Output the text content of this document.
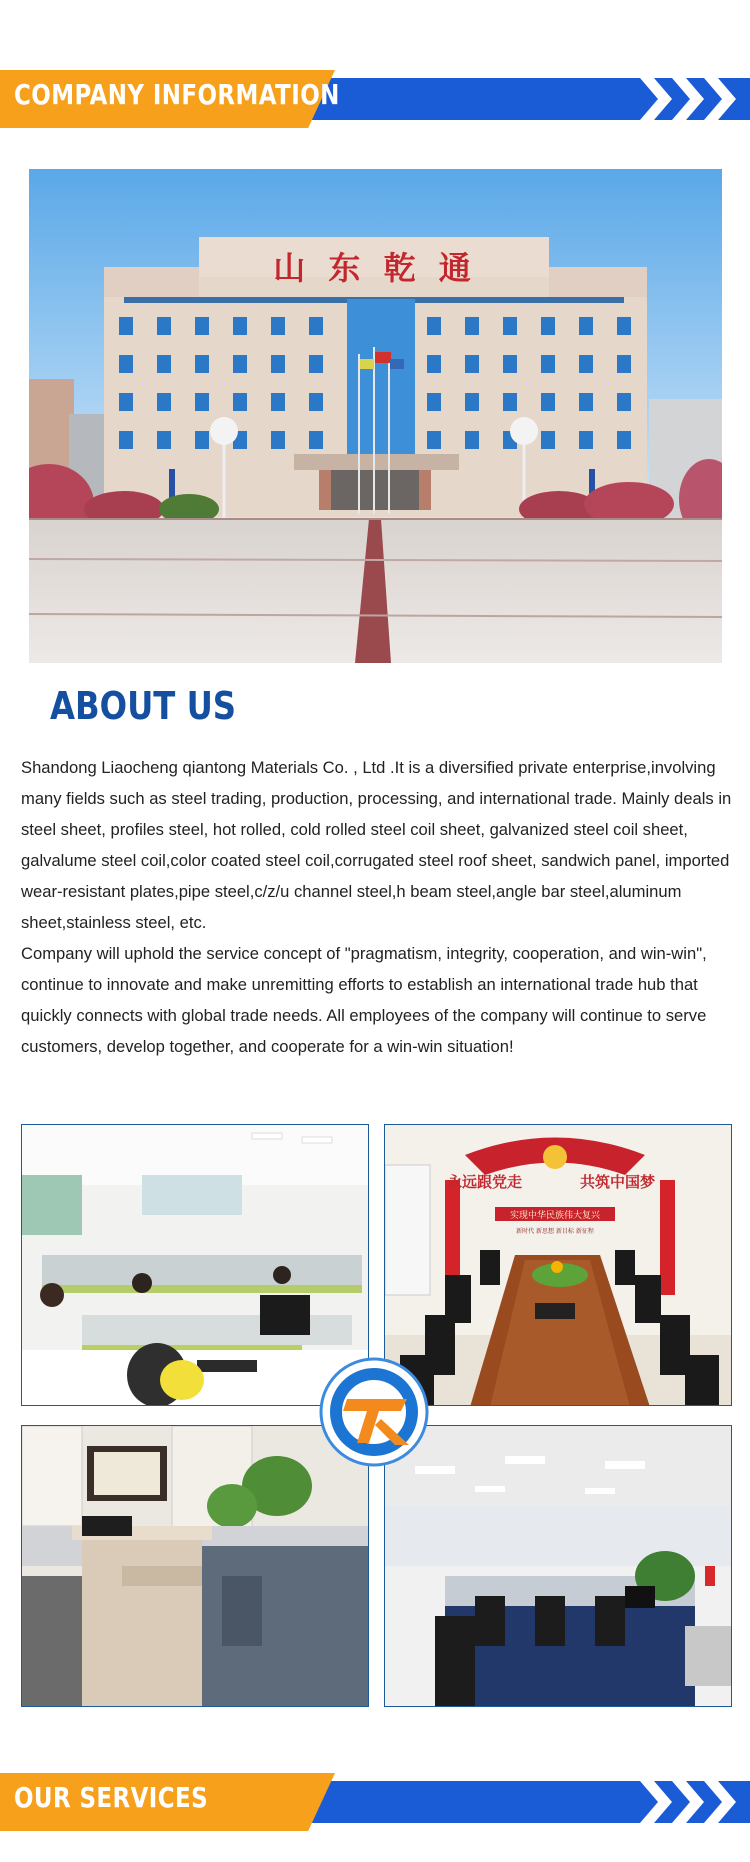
COMPANY INFORMATION
山 东 乾 通
ABOUT US

Shandong Liaocheng qiantong Materials Co. , Ltd .It is a diversified private enterprise,involving many fields such as steel trading, production, processing, and international trade. Mainly deals in steel sheet, profiles steel, hot rolled, cold rolled steel coil sheet, galvanized steel coil sheet, galvalume steel coil,color coated steel coil,corrugated steel roof sheet, sandwich panel, imported wear-resistant plates,pipe steel,c/z/u channel steel,h beam steel,angle bar steel,aluminum sheet,stainless steel, etc.

Company will uphold the service concept of "pragmatism, integrity, cooperation, and win-win", continue to innovate and make unremitting efforts to establish an international trade hub that quickly connects with global trade needs. All employees of the company will continue to serve customers, develop together, and cooperate for a win-win situation!

实现中华民族伟大复兴
新时代 新思想 新目标 新征程
永远跟党走	共筑中国梦
OUR SERVICES
